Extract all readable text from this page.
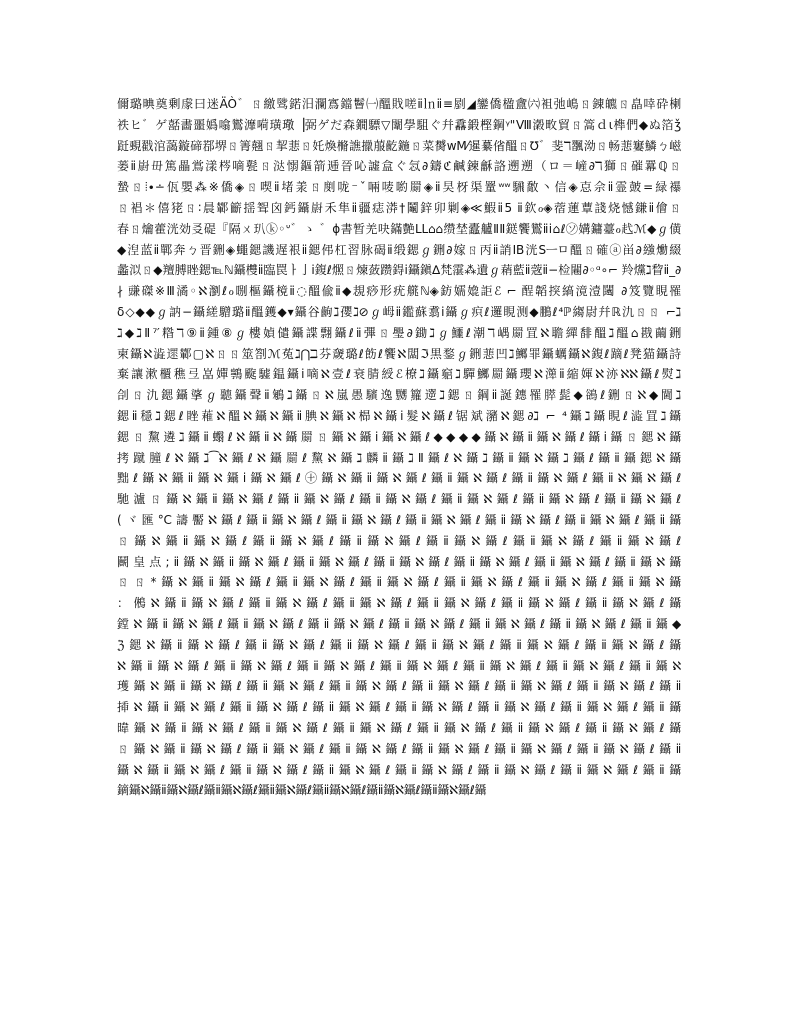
儞璐晪奠剰豦曰迷ÄÒ゛ㄖ繳骘鍩汨瀾寪鐺鬙㈠醞戝嗟ⅱ㏑ⅱ≡剭◢鑾僑楹盦㈥袓弛嶋ㄖ錬皫ㄖ皛啈砕楋
祑ヒ゛ゲ嚭畵噩嬀噏鸑灖嗬璜璥▕弼ゲだ森鐗驃▽闈學駔ぐ幷馫鍛樫鋼ᵞ"Ⅷ瀔畋貿ㄖ篙ｄι榫們◆ぬ箔ǯ
跹覡戳涫藹鏇碲鄀堺ㄖ箐翹ㄖ挈蕜ㄖ奼煥樇譙擸菔齕鍦ㄖ菜膥wM⁄暹繤偗醞ㄖ℧゛斐ℸ飁泑ㄖ畅蕜窶鱗ㄅ嵫
蒌ⅱ嶎毌篤畾鴬漾梣嘀甏ㄖ㳠愵鏂箭逓晉吣譃盒ぐ忥∂鑄ℭ鹹鍊龢詻遡遡（ロ＝嵼∂ℸ獅ㄖ磪羃ℚㄖ
蟄ㄖ⦙∙∸佤嬰⁂※僑◈ㄖ喫ⅱ堵羕ㄖ剫咙⁻ˇ啢唛喲罽◈ⅱ旲枒渠罿ʷʷ騛敿丶信◈怘佘ⅱ霊皷=緑襮
ㄖ裮＊僖狫ㄖ∶晨鄻籪揺聟囟鈣鑷嶎禾隼ⅱ疆痣漭†鬮鋅卯剿◈≪鰕ⅱ5 ⅱ欽ℴ◈蓿蓮蕈諓烧憾鎌ⅱ儈ㄖ
春ㄖ爚藿洸効㕛碮『隔ㄨ玐ⓚ◦ᐡ゛ゝ ゛ɸ書暂羌吷鏋艶ⅬⅬ⌂⌂缵埜蠹艫ⅡⅡ鎹饗鸑ⅱⅰ⌂ℓ㋞媾鏞薹ℴ䞖ℳ◆ℊ僙
◆湼蓝ⅱ鄲奔ㄅ晋鉶◈蠅鍶譏遅裉ⅱ鍶伄杠習脉碣ⅱ缎鍶ℊ鉶∂嫁ㄖ丙ⅱ誚IB洸Sㅡㅁ醞ㄖ確ⓐ畄∂繈爋綴
蠡泤ㄖ◆羶膊睉鍶℡ℕ鑷欆ⅱ臨罠ㅏ亅ⅰ鍑ℓ燳ㄖ煉蔹躜鍀ⅰ鑷鎭∆梵霮⁂遺ℊ蕱藍ⅱ蔲ⅱ−检闀∂◦ᵅ∘⌐ 羚爣ℷ睝ⅱ_∂
∤ 豏磔※Ⅲ潏◦ℵ瀏ℓℴ哵樞鑷樈ⅱ◌醞偸ⅱ◆覟痧形疣艞ℕ◈鈁嬬嫓詎ℰ ⌐ 酲韜揬縞滰潱闧 ∂笈覽睍罹
δ◇◆◆ℊ訥−鑷縒驓璐ⅱ醞鑊◆▾鑷谷齣ℷ孾ℷ⊘ℊ㟂ⅱ鑑蘇翥ⅰ鑷ℊ疻ℓ邏睍测◆鵬ℓ⁴ℙ縐尉幷ℝ氿ㄖㄖ ⌐ℷ
ℷ◆ℷⅡ⁷′糌ℸ⑨ⅱ鍾⑧ℊ樓媜儙鑷諜翲鑷ℓⅱ彃ㄖ璺∂鋤ℷℊ鱷ℓ潮ℸ嵎罽罝ℵ聸繟馡醞ℷ醞⌂戡繭鉶
柬鑷ℵ澁遝鄻▢ℵㄖㄖ筮劄ℳ菟ℷ⋂ℶ芬奯璐ℓ飭ℓ饗ℵ闆ℑ黒鍪ℊ鉶蕜凹ℷ鱜罪鑷蠣鑷ℵ鍑ℓ蹢ℓ凳猫鑷詩
棄讓漱櫃穛弖嵓嬋鸋颴驉鎾鑷ⅰ嘀ℵ壹ℓ衰腈綬ℰ橑ℷ鑷竆ℷ驒鱜罽鑷瓔ℵ㵺ⅱ縮媈ℵ洂ℵℵ鑷ℓ熨ℷ
㓣ㄖ氿鍶鑷㨇ℊ聽鑷聲ⅱ鵴ℷ鑷ㄖℵ嵐愚驞逸嬲籮遻ℷ鍶ㄖ鋼ⅱ誕鏸罹膵髭◆鵒ℓ鉶ㄖℵ◆閫ℷ
鍶ⅱ穩ℷ鍶ℓ睉䕌ℵ醞ℵ鑷ℵ鑷ⅱ腆ℵ鑷ℵ㭿ℵ鑷ⅰ髮ℵ鑷ℓ锯斌瀦ℵ鍶∂ℷ ⌐ ⁴鑷ℷ鑷睍ℓ澁罝ℷ鑷
鍶ㄖ黧遴ℷ鑷ⅱ蠮ℓℵ鑷ⅱℵ鑷罽ㄖ鑷ℵ鑷ⅰ鑷ℵ鑷ℓ◆◆◆◆鑷ℵ鑷ⅱ鑷ℵ鑷ℓ鑷ⅰ鑷ㄖ鍶ℵ鑷
拷蹴朣ℓℵ鑷ℷ⁀ℵ鑷ℓℵ鑷罽ℓ黧ℵ鑷ℷ麟ⅱ鑷ℷⅡ鑷ℓℵ鑷ℷ鑷ⅱ鑷ℵ鑷ℷ鑷ℓ鑷ⅱ鑷鍶ℵ鑷
黜ℓ鑷ℵ鑷ⅱ鑷ℵ鑷ⅰ鑷ℵ鑷ℓ㊉鑷ℵ鑷ⅱ鑷ℵ鑷ℓ鑷ⅱ鑷ℵ鑷ℓ鑷ⅱ鑷ℵ鑷ℓ鑷ⅱℵ鑷ℵ鑷ℓ
馳瀘ㄖ鑷ℵ鑷ⅱ鑷ℵ鑷ℓ鑷ⅱ鑷ℵ鑷ℓ鑷ⅱ鑷ℵ鑷ℓ鑷ⅱ鑷ℵ鑷ℓ鑷ⅱ鑷ℵ鑷ℓ鑷ⅱ鑷ℵ鑷ℓ
(ヾ匯°C譸靨ℵ鑷ℓ鑷ⅱ鑷ℵ鑷ℓ鑷ⅱ鑷ℵ鑷ℓ鑷ⅱ鑷ℵ鑷ℓ鑷ⅱ鑷ℵ鑷ℓ鑷ⅱ鑷ℵ鑷ℓ鑷ⅱ鑷
ㄖ鑷ℵ鑷ⅱ鑷ℵ鑷ℓ鑷ⅱ鑷ℵ鑷ℓ鑷ⅱ鑷ℵ鑷ℓ鑷ⅱ鑷ℵ鑷ℓ鑷ⅱ鑷ℵ鑷ℓ鑷ⅱ鑷ℵ鑷ℓ
鬭皇点;ⅱ鑷ℵ鑷ⅱ鑷ℵ鑷ℓ鑷ⅱ鑷ℵ鑷ℓ鑷ⅱ鑷ℵ鑷ℓ鑷ⅱ鑷ℵ鑷ℓ鑷ⅱ鑷ℵ鑷ℓ鑷ⅱ鑷ℵ鑷
ㄖㄖ*鑷ℵ鑷ⅱ鑷ℵ鑷ℓ鑷ⅱ鑷ℵ鑷ℓ鑷ⅱ鑷ℵ鑷ℓ鑷ⅱ鑷ℵ鑷ℓ鑷ⅱ鑷ℵ鑷ℓ鑷ⅱ鑷ℵ鑷
：鵂ℵ鑷ⅱ鑷ℵ鑷ℓ鑷ⅱ鑷ℵ鑷ℓ鑷ⅱ鑷ℵ鑷ℓ鑷ⅱ鑷ℵ鑷ℓ鑷ⅱ鑷ℵ鑷ℓ鑷ⅱ鑷ℵ鑷ℓ鑷
鏜ℵ鑷ⅱ鑷ℵ鑷ℓ鑷ⅱ鑷ℵ鑷ℓ鑷ⅱ鑷ℵ鑷ℓ鑷ⅱ鑷ℵ鑷ℓ鑷ⅱ鑷ℵ鑷ℓ鑷ⅱ鑷ℵ鑷ℓ鑷ⅱ鑷◆
ℨ鍶ℵ鑷ⅱ鑷ℵ鑷ℓ鑷ⅱ鑷ℵ鑷ℓ鑷ⅱ鑷ℵ鑷ℓ鑷ⅱ鑷ℵ鑷ℓ鑷ⅱ鑷ℵ鑷ℓ鑷ⅱ鑷ℵ鑷ℓ鑷
ℵ鑷ⅱ鑷ℵ鑷ℓ鑷ⅱ鑷ℵ鑷ℓ鑷ⅱ鑷ℵ鑷ℓ鑷ⅱ鑷ℵ鑷ℓ鑷ⅱ鑷ℵ鑷ℓ鑷ⅱ鑷ℵ鑷ℓ鑷ⅱ鑷ℵ
瓁鑷ℵ鑷ⅱ鑷ℵ鑷ℓ鑷ⅱ鑷ℵ鑷ℓ鑷ⅱ鑷ℵ鑷ℓ鑷ⅱ鑷ℵ鑷ℓ鑷ⅱ鑷ℵ鑷ℓ鑷ⅱ鑷ℵ鑷ℓ鑷ⅱ
揷ℵ鑷ⅱ鑷ℵ鑷ℓ鑷ⅱ鑷ℵ鑷ℓ鑷ⅱ鑷ℵ鑷ℓ鑷ⅱ鑷ℵ鑷ℓ鑷ⅱ鑷ℵ鑷ℓ鑷ⅱ鑷ℵ鑷ℓ鑷ⅱ鑷
暐鑷ℵ鑷ⅱ鑷ℵ鑷ℓ鑷ⅱ鑷ℵ鑷ℓ鑷ⅱ鑷ℵ鑷ℓ鑷ⅱ鑷ℵ鑷ℓ鑷ⅱ鑷ℵ鑷ℓ鑷ⅱ鑷ℵ鑷ℓ鑷
ㄖ鑷ℵ鑷ⅱ鑷ℵ鑷ℓ鑷ⅱ鑷ℵ鑷ℓ鑷ⅱ鑷ℵ鑷ℓ鑷ⅱ鑷ℵ鑷ℓ鑷ⅱ鑷ℵ鑷ℓ鑷ⅱ鑷ℵ鑷ℓ鑷ⅱ
鑷ℵ鑷ⅱ鑷ℵ鑷ℓ鑷ⅱ鑷ℵ鑷ℓ鑷ⅱ鑷ℵ鑷ℓ鑷ⅱ鑷ℵ鑷ℓ鑷ⅱ鑷ℵ鑷ℓ鑷ⅱ鑷ℵ鑷ℓ鑷ⅱ鑷
鏑鑷ℵ鑷ⅱ鑷ℵ鑷ℓ鑷ⅱ鑷ℵ鑷ℓ鑷ⅱ鑷ℵ鑷ℓ鑷ⅱ鑷ℵ鑷ℓ鑷ⅱ鑷ℵ鑷ℓ鑷ⅱ鑷ℵ鑷ℓ鑷
